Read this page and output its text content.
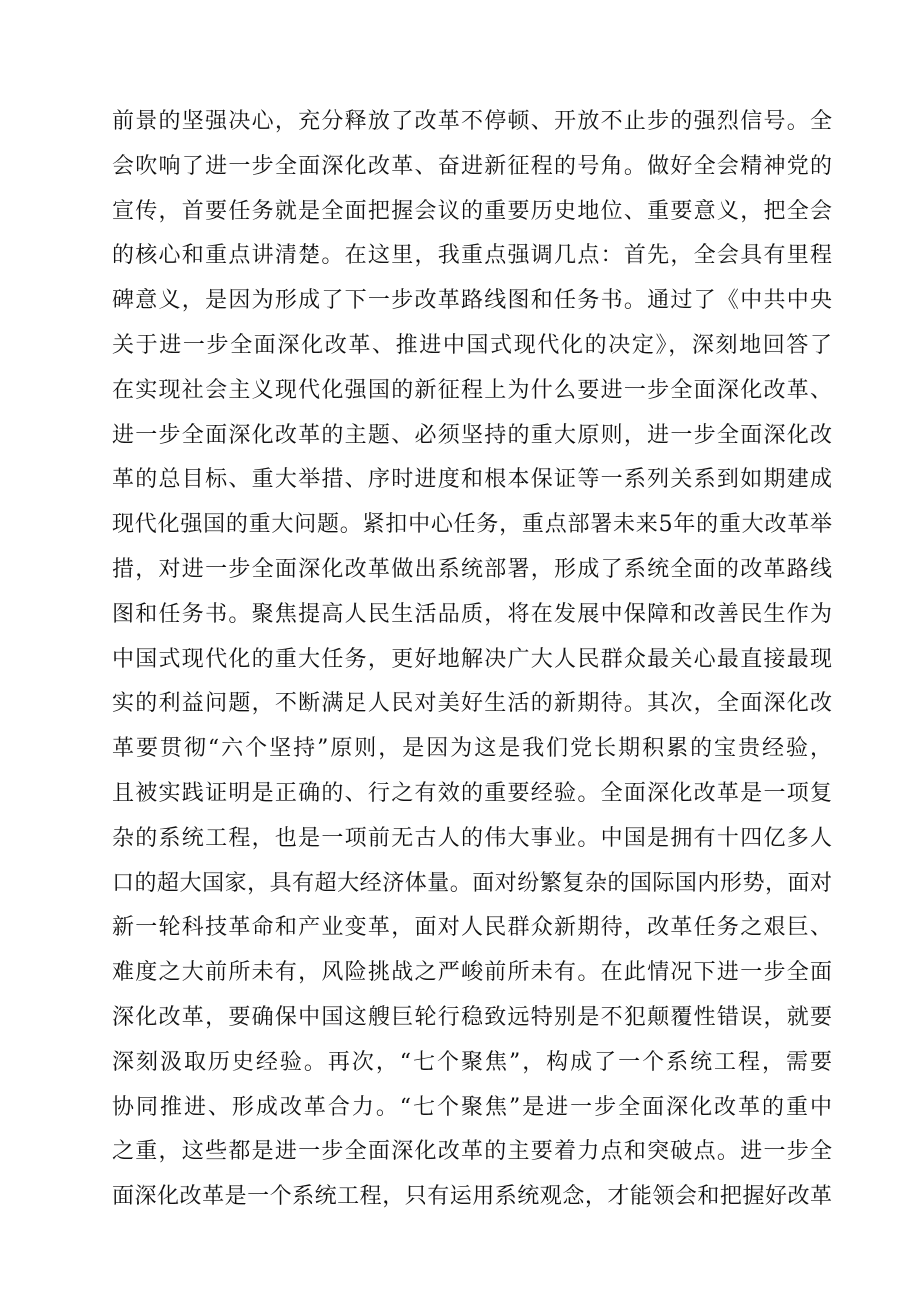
前景的坚强决心，充分释放了改革不停顿、开放不止步的强烈信号。全
会吹响了进一步全面深化改革、奋进新征程的号角。做好全会精神党的
宣传，首要任务就是全面把握会议的重要历史地位、重要意义，把全会
的核心和重点讲清楚。在这里，我重点强调几点：首先，全会具有里程
碑意义，是因为形成了下一步改革路线图和任务书。通过了《中共中央
关于进一步全面深化改革、推进中国式现代化的决定》，深刻地回答了
在实现社会主义现代化强国的新征程上为什么要进一步全面深化改革、
进一步全面深化改革的主题、必须坚持的重大原则，进一步全面深化改
革的总目标、重大举措、序时进度和根本保证等一系列关系到如期建成
现代化强国的重大问题。紧扣中心任务，重点部署未来5年的重大改革举
措，对进一步全面深化改革做出系统部署，形成了系统全面的改革路线
图和任务书。聚焦提高人民生活品质，将在发展中保障和改善民生作为
中国式现代化的重大任务，更好地解决广大人民群众最关心最直接最现
实的利益问题，不断满足人民对美好生活的新期待。其次，全面深化改
革要贯彻“六个坚持”原则，是因为这是我们党长期积累的宝贵经验，
且被实践证明是正确的、行之有效的重要经验。全面深化改革是一项复
杂的系统工程，也是一项前无古人的伟大事业。中国是拥有十四亿多人
口的超大国家，具有超大经济体量。面对纷繁复杂的国际国内形势，面对
新一轮科技革命和产业变革，面对人民群众新期待，改革任务之艰巨、
难度之大前所未有，风险挑战之严峻前所未有。在此情况下进一步全面
深化改革，要确保中国这艘巨轮行稳致远特别是不犯颠覆性错误，就要
深刻汲取历史经验。再次，“七个聚焦”，构成了一个系统工程，需要
协同推进、形成改革合力。“七个聚焦”是进一步全面深化改革的重中
之重，这些都是进一步全面深化改革的主要着力点和突破点。进一步全
面深化改革是一个系统工程，只有运用系统观念，才能领会和把握好改革
